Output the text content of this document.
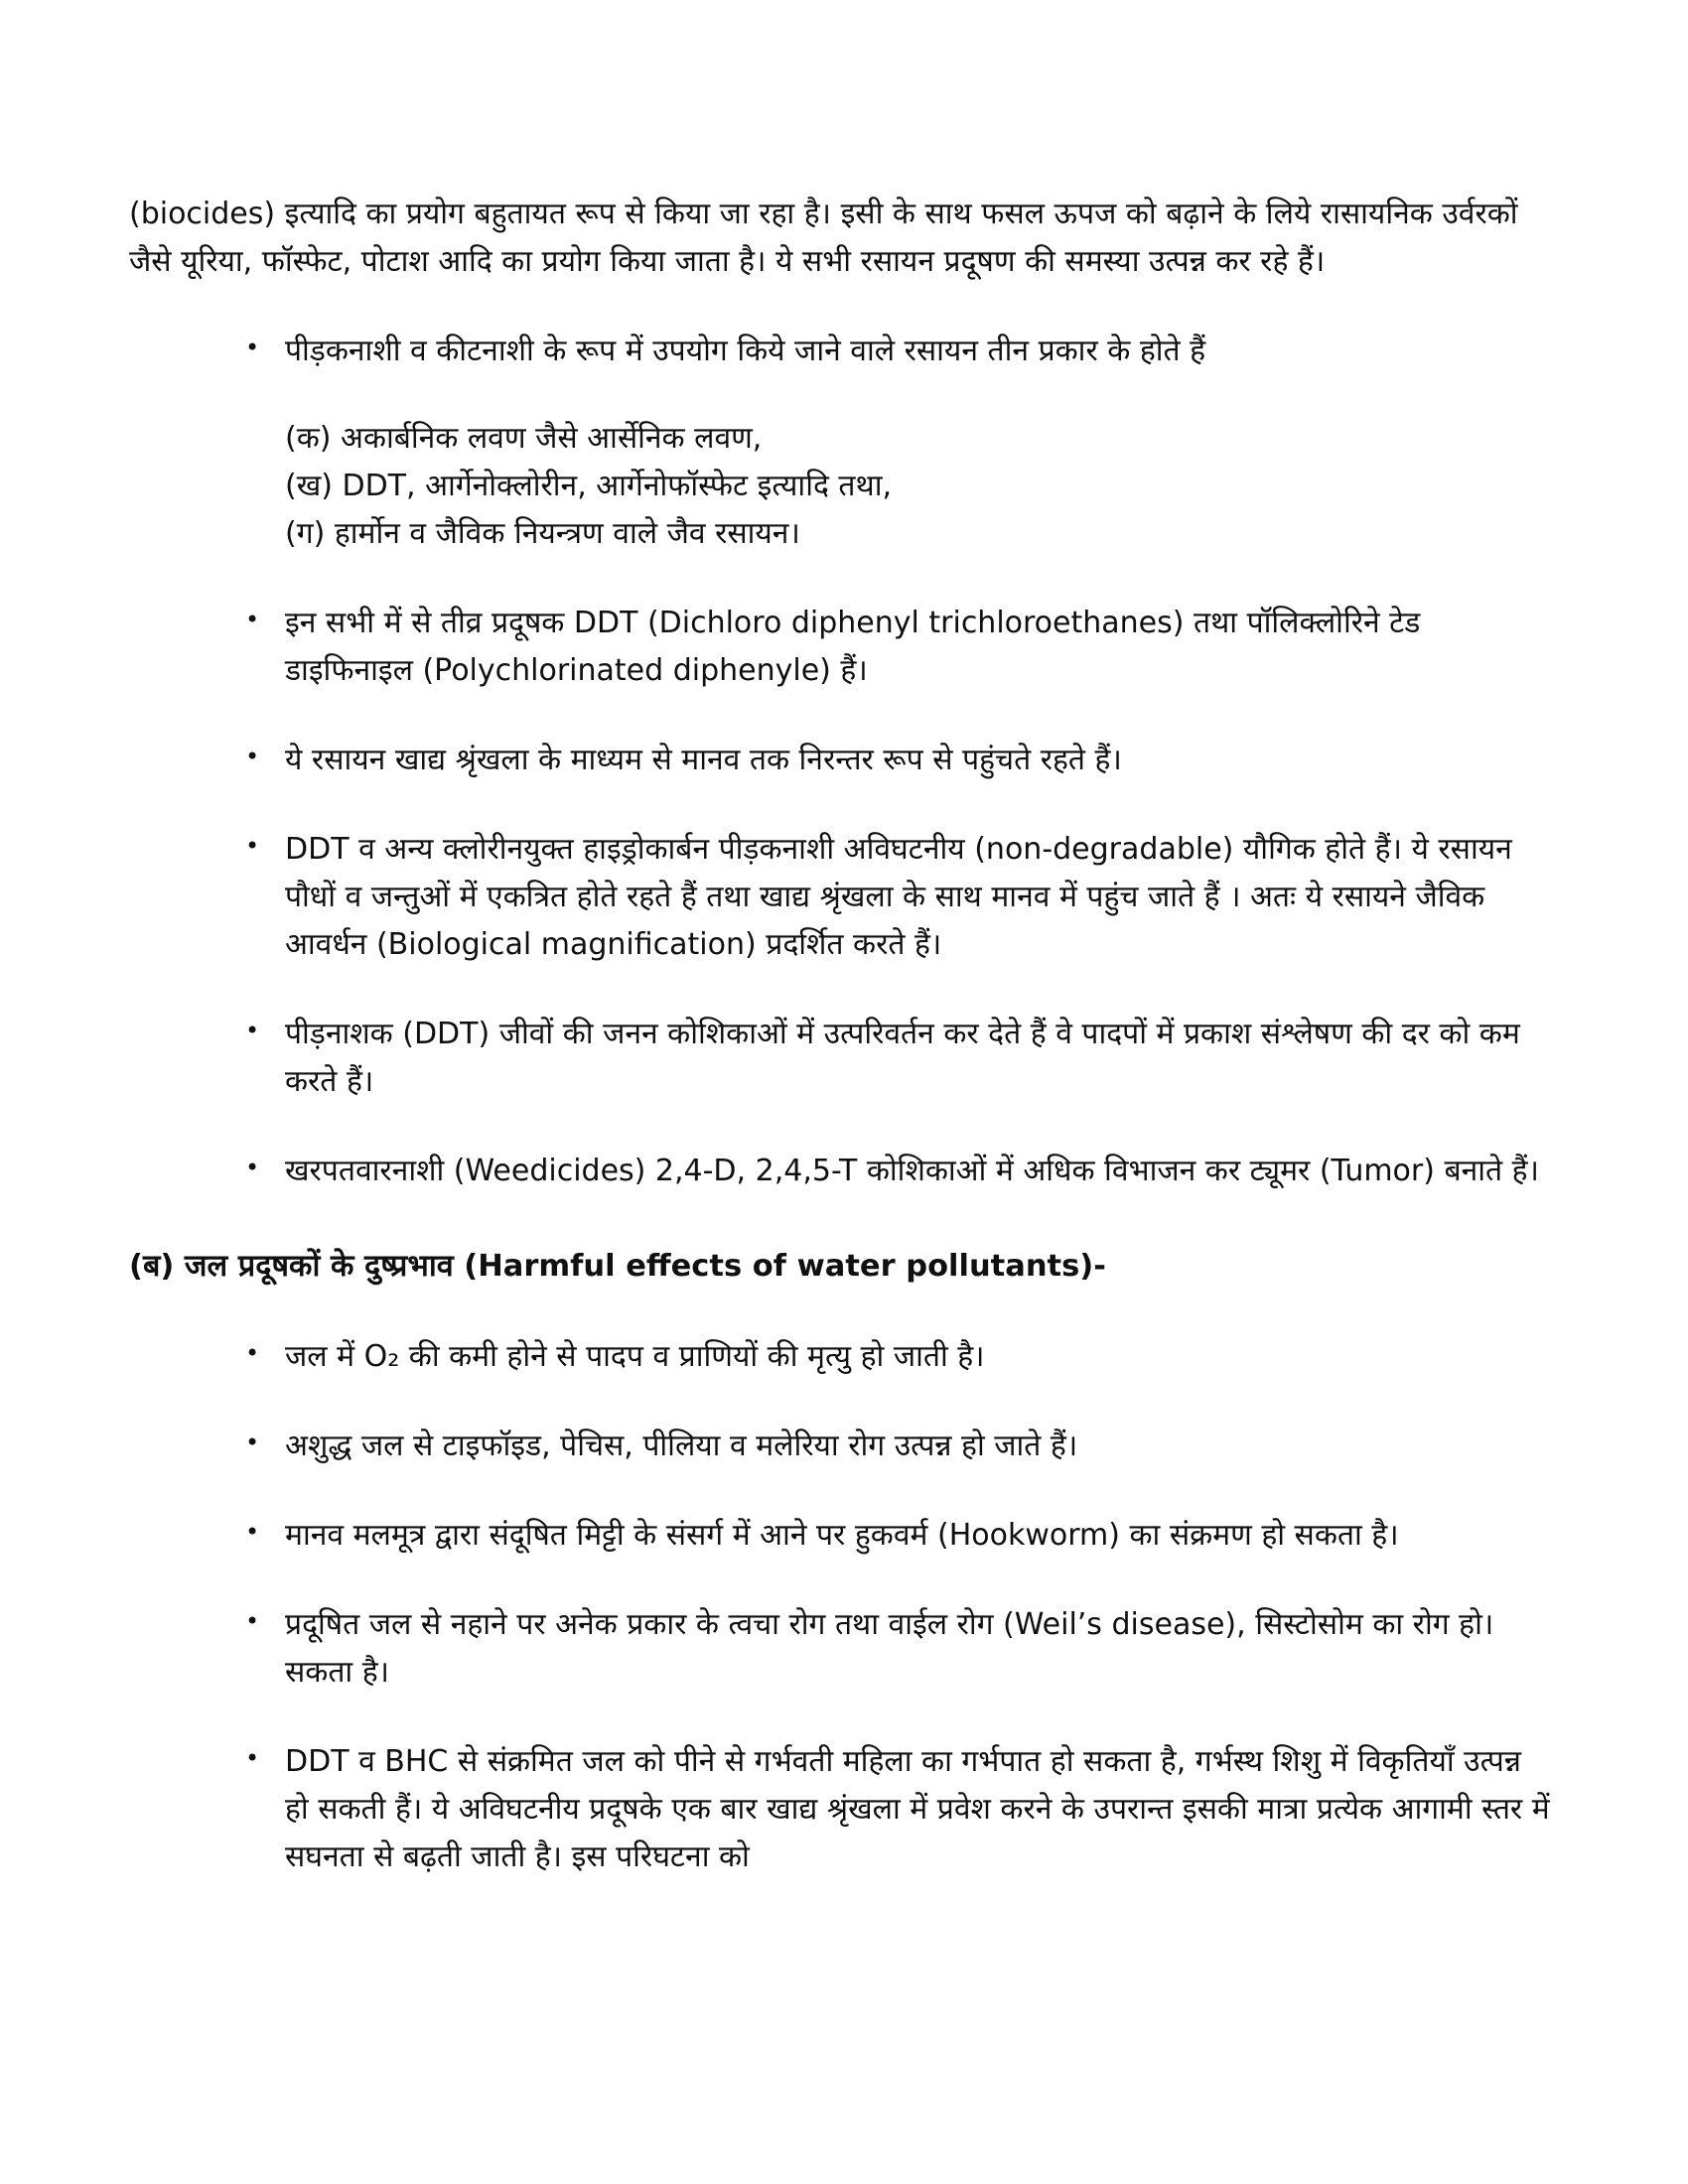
(biocides) इत्यादि का प्रयोग बहुतायत रूप से किया जा रहा है। इसी के साथ फसल ऊपज को बढ़ाने के लिये रासायनिक उर्वरकों जैसे यूरिया, फॉस्फेट, पोटाश आदि का प्रयोग किया जाता है। ये सभी रसायन प्रदूषण की समस्या उत्पन्न कर रहे हैं।

• पीड़कनाशी व कीटनाशी के रूप में उपयोग किये जाने वाले रसायन तीन प्रकार के होते हैं
(क) अकार्बनिक लवण जैसे आर्सेनिक लवण,
(ख) DDT, आर्गेनोक्लोरीन, आर्गेनोफॉस्फेट इत्यादि तथा,
(ग) हार्मोन व जैविक नियन्त्रण वाले जैव रसायन।
• इन सभी में से तीव्र प्रदूषक DDT (Dichloro diphenyl trichloroethanes) तथा पॉलिक्लोरिने टेड डाइफिनाइल (Polychlorinated diphenyle) हैं।
• ये रसायन खाद्य श्रृंखला के माध्यम से मानव तक निरन्तर रूप से पहुंचते रहते हैं।
• DDT व अन्य क्लोरीनयुक्त हाइड्रोकार्बन पीड़कनाशी अविघटनीय (non-degradable) यौगिक होते हैं। ये रसायन पौधों व जन्तुओं में एकत्रित होते रहते हैं तथा खाद्य श्रृंखला के साथ मानव में पहुंच जाते हैं । अतः ये रसायने जैविक आवर्धन (Biological magnification) प्रदर्शित करते हैं।
• पीड़नाशक (DDT) जीवों की जनन कोशिकाओं में उत्परिवर्तन कर देते हैं वे पादपों में प्रकाश संश्लेषण की दर को कम करते हैं।
• खरपतवारनाशी (Weedicides) 2,4-D, 2,4,5-T कोशिकाओं में अधिक विभाजन कर ट्यूमर (Tumor) बनाते हैं।
(ब) जल प्रदूषकों के दुष्प्रभाव (Harmful effects of water pollutants)-
• जल में O₂ की कमी होने से पादप व प्राणियों की मृत्यु हो जाती है।
• अशुद्ध जल से टाइफॉइड, पेचिस, पीलिया व मलेरिया रोग उत्पन्न हो जाते हैं।
• मानव मलमूत्र द्वारा संदूषित मिट्टी के संसर्ग में आने पर हुकवर्म (Hookworm) का संक्रमण हो सकता है।
• प्रदूषित जल से नहाने पर अनेक प्रकार के त्वचा रोग तथा वाईल रोग (Weil’s disease), सिस्टोसोम का रोग हो। सकता है।
• DDT व BHC से संक्रमित जल को पीने से गर्भवती महिला का गर्भपात हो सकता है, गर्भस्थ शिशु में विकृतियाँ उत्पन्न हो सकती हैं। ये अविघटनीय प्रदूषके एक बार खाद्य श्रृंखला में प्रवेश करने के उपरान्त इसकी मात्रा प्रत्येक आगामी स्तर में सघनता से बढ़ती जाती है। इस परिघटना को
